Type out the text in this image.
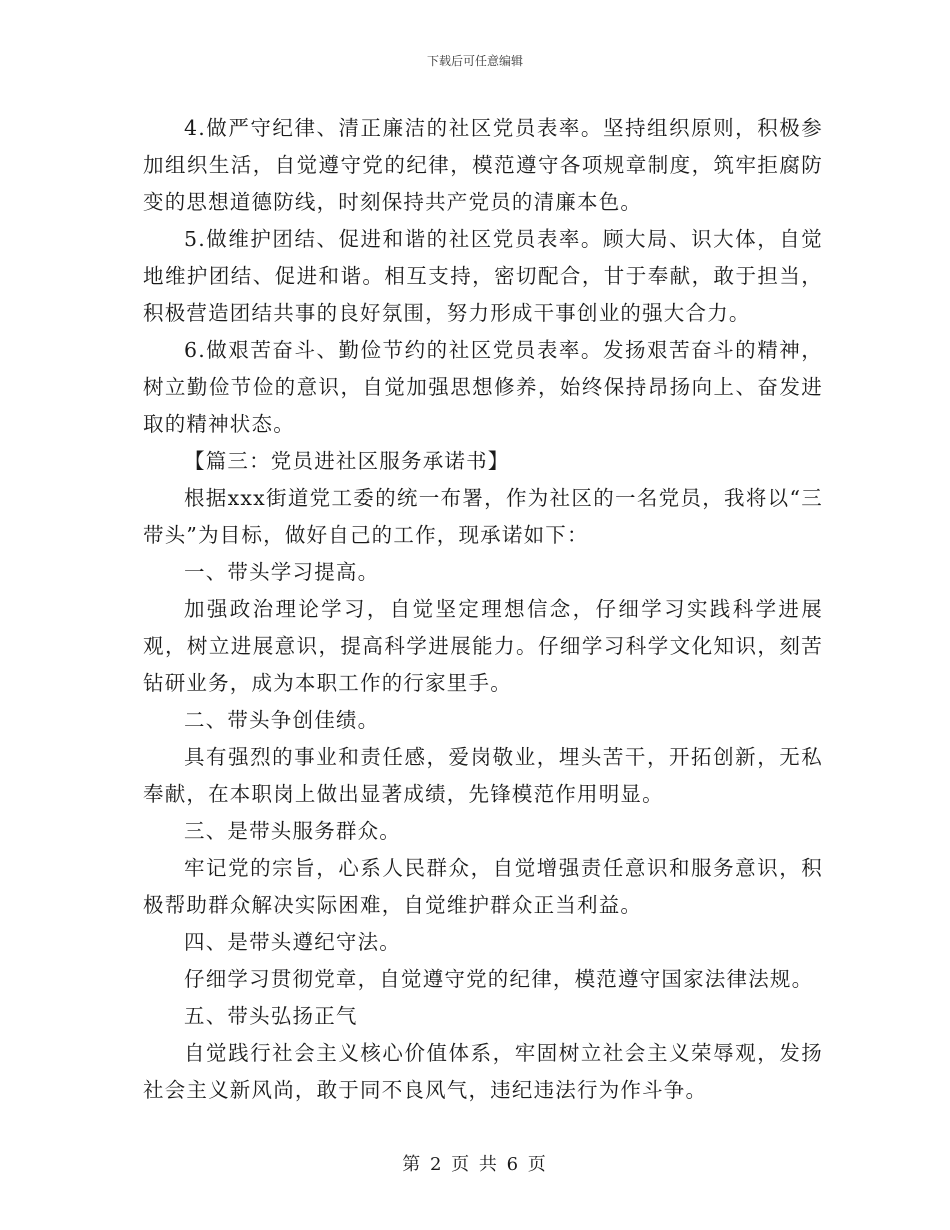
下载后可任意编辑

4.做严守纪律、清正廉洁的社区党员表率。坚持组织原则，积极参加组织生活，自觉遵守党的纪律，模范遵守各项规章制度，筑牢拒腐防变的思想道德防线，时刻保持共产党员的清廉本色。

5.做维护团结、促进和谐的社区党员表率。顾大局、识大体，自觉地维护团结、促进和谐。相互支持，密切配合，甘于奉献，敢于担当，积极营造团结共事的良好氛围，努力形成干事创业的强大合力。

6.做艰苦奋斗、勤俭节约的社区党员表率。发扬艰苦奋斗的精神，树立勤俭节俭的意识，自觉加强思想修养，始终保持昂扬向上、奋发进取的精神状态。

【篇三：党员进社区服务承诺书】

根据xxx街道党工委的统一布署，作为社区的一名党员，我将以“三带头”为目标，做好自己的工作，现承诺如下：

一、带头学习提高。

加强政治理论学习，自觉坚定理想信念，仔细学习实践科学进展观，树立进展意识，提高科学进展能力。仔细学习科学文化知识，刻苦钻研业务，成为本职工作的行家里手。

二、带头争创佳绩。

具有强烈的事业和责任感，爱岗敬业，埋头苦干，开拓创新，无私奉献，在本职岗上做出显著成绩，先锋模范作用明显。

三、是带头服务群众。

牢记党的宗旨，心系人民群众，自觉增强责任意识和服务意识，积极帮助群众解决实际困难，自觉维护群众正当利益。

四、是带头遵纪守法。

仔细学习贯彻党章，自觉遵守党的纪律，模范遵守国家法律法规。

五、带头弘扬正气

自觉践行社会主义核心价值体系，牢固树立社会主义荣辱观，发扬社会主义新风尚，敢于同不良风气，违纪违法行为作斗争。

第 2 页 共 6 页
